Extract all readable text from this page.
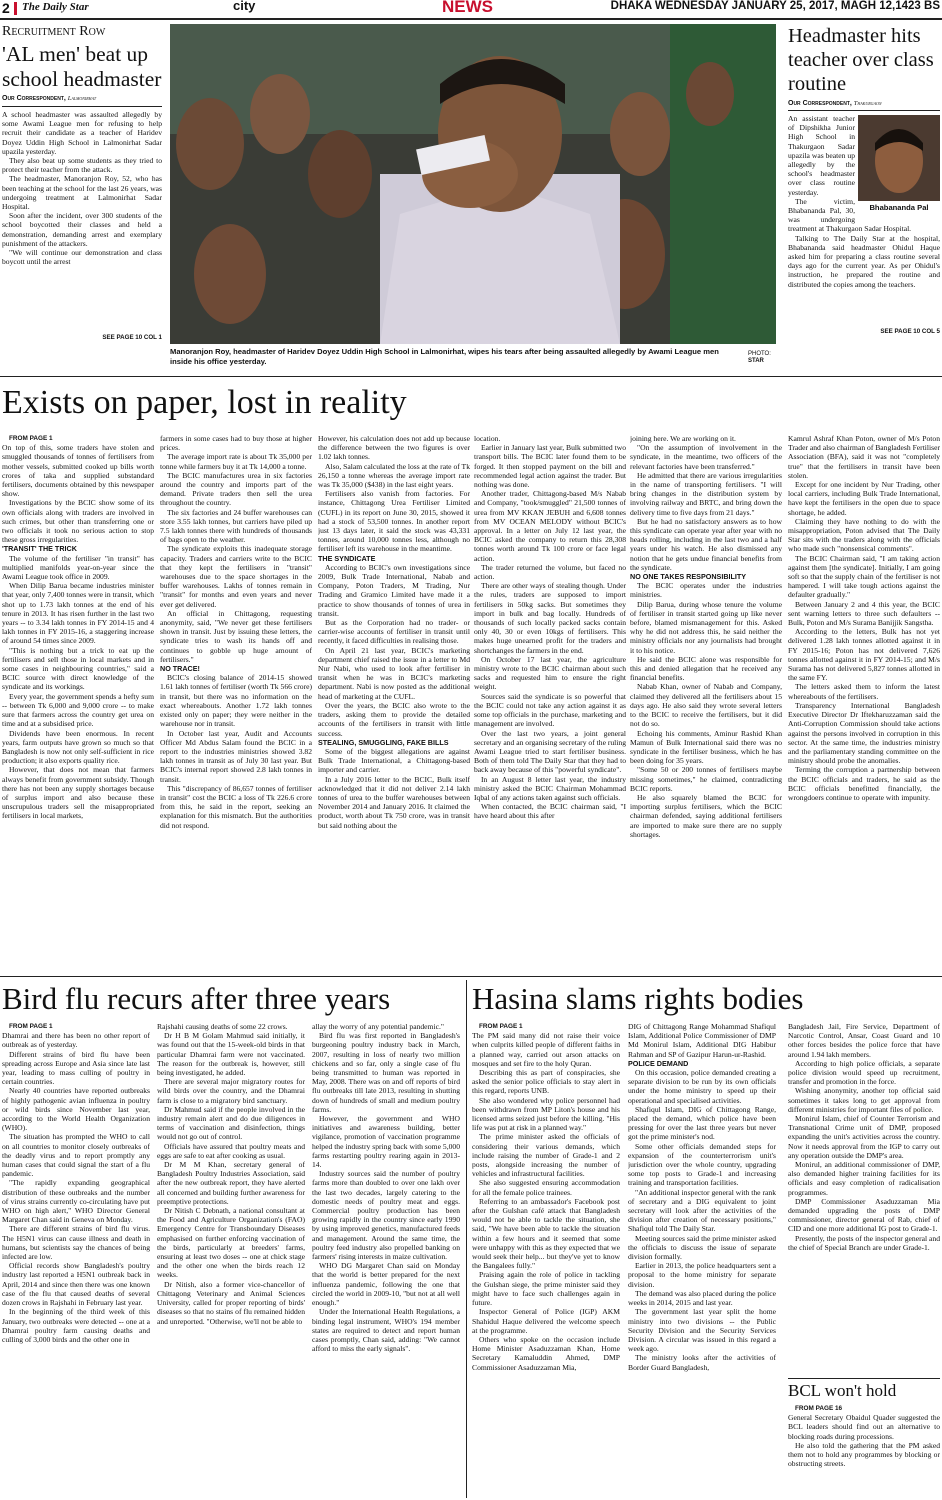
2 The Daily Star	city	NEWS	DHAKA WEDNESDAY JANUARY 25, 2017, MAGH 12,1423 BS
Recruitment Row
'AL men' beat up school headmaster
Our Correspondent, Lalmonirhat

A school headmaster was assaulted allegedly by some Awami League men for refusing to help recruit their candidate as a teacher of Haridev Doyez Uddin High School in Lalmonirhat Sadar upazila yesterday.

They also beat up some students as they tried to protect their teacher from the attack.

The headmaster, Manoranjon Roy, 52, who has been teaching at the school for the last 26 years, was undergoing treatment at Lalmonirhat Sadar Hospital.

Soon after the incident, over 300 students of the school boycotted their classes and held a demonstration, demanding arrest and exemplary punishment of the attackers.

"We will continue our demonstration and class boycott until the arrest

SEE PAGE 10 COL 1
Manoranjon Roy, headmaster of Haridev Doyez Uddin High School in Lalmonirhat, wipes his tears after being assaulted allegedly by Awami League men inside his office yesterday.
PHOTO:
STAR
Headmaster hits teacher over class routine
Our Correspondent, Thakurgaon
Bhabananda Pal

An assistant teacher of Dipshikha Junior High School in Thakurgaon Sadar upazila was beaten up allegedly by the school's headmaster over class routine yesterday.

The victim, Bhabananda Pal, 30, was undergoing treatment at Thakurgaon Sadar Hospital.

Talking to The Daily Star at the hospital, Bhabananda said headmaster Ohidul Haque asked him for preparing a class routine several days ago for the current year. As per Ohidul's instruction, he prepared the routine and distributed the copies among the teachers.

SEE PAGE 10 COL 5
Exists on paper, lost in reality

FROM PAGE 1

On top of this, some traders have stolen and smuggled thousands of tonnes of fertilisers from mother vessels, submitted cooked up bills worth crores of taka and supplied substandard fertilisers, documents obtained by this newspaper show.

Investigations by the BCIC show some of its own officials along with traders are involved in such crimes, but other than transferring one or two officials it took no serious action to stop these gross irregularities.

'TRANSIT' THE TRICK

The volume of the fertiliser "in transit" has multiplied manifolds year-on-year since the Awami League took office in 2009.

When Dilip Barua became industries minister that year, only 7,400 tonnes were in transit, which shot up to 1.73 lakh tonnes at the end of his tenure in 2013. It has risen further in the last two years -- to 3.34 lakh tonnes in FY 2014-15 and 4 lakh tonnes in FY 2015-16, a staggering increase of around 54 times since 2009.

"This is nothing but a trick to eat up the fertilisers and sell those in local markets and in some cases in neighbouring countries," said a BCIC source with direct knowledge of the syndicate and its workings.

Every year, the government spends a hefty sum -- between Tk 6,000 and 9,000 crore -- to make sure that farmers across the country get urea on time and at a subsidised price.

Dividends have been enormous. In recent years, farm outputs have grown so much so that Bangladesh is now not only self-sufficient in rice production; it also exports quality rice.

However, that does not mean that farmers always benefit from government subsidy. Though there has not been any supply shortages because of surplus import and also because these unscrupulous traders sell the misappropriated fertilisers in local markets,

farmers in some cases had to buy those at higher prices.

The average import rate is about Tk 35,000 per tonne while farmers buy it at Tk 14,000 a tonne.

The BCIC manufactures urea in six factories around the country and imports part of the demand. Private traders then sell the urea throughout the country.

The six factories and 24 buffer warehouses can store 3.55 lakh tonnes, but carriers have piled up 7.5 lakh tonnes there with hundreds of thousands of bags open to the weather.

The syndicate exploits this inadequate storage capacity. Traders and carriers write to the BCIC that they kept the fertilisers in "transit" warehouses due to the space shortages in the buffer warehouses. Lakhs of tonnes remain in "transit" for months and even years and never ever get delivered.

An official in Chittagong, requesting anonymity, said, "We never get these fertilisers shown in transit. Just by issuing these letters, the syndicate tries to wash its hands off and continues to gobble up huge amount of fertilisers."

NO TRACE!

BCIC's closing balance of 2014-15 showed 1.61 lakh tonnes of fertiliser (worth Tk 566 crore) in transit, but there was no information on the exact whereabouts. Another 1.72 lakh tonnes existed only on paper; they were neither in the warehouse nor in transit.

In October last year, Audit and Accounts Officer Md Abdus Salam found the BCIC in a report to the industries ministries showed 3.82 lakh tonnes in transit as of July 30 last year. But BCIC's internal report showed 2.8 lakh tonnes in transit.

This "discrepancy of 86,657 tonnes of fertiliser in transit" cost the BCIC a loss of Tk 226.6 crore from this, he said in the report, seeking an explanation for this mismatch. But the authorities did not respond.

However, his calculation does not add up because the difference between the two figures is over 1.02 lakh tonnes.

Also, Salam calculated the loss at the rate of Tk 26,150 a tonne whereas the average import rate was Tk 35,000 ($438) in the last eight years.

Fertilisers also vanish from factories. For instance, Chittagong Urea Fertiliser Limited (CUFL) in its report on June 30, 2015, showed it had a stock of 53,500 tonnes. In another report just 13 days later, it said the stock was 43,331 tonnes, around 10,000 tonnes less, although no fertiliser left its warehouse in the meantime.

THE SYNDICATE

According to BCIC's own investigations since 2009, Bulk Trade International, Nabab and Company, Poton Traders, M Trading, Nur Trading and Gramico Limited have made it a practice to show thousands of tonnes of urea in transit.

But as the Corporation had no trader- or carrier-wise accounts of fertiliser in transit until recently, it faced difficulties in realising those.

On April 21 last year, BCIC's marketing department chief raised the issue in a letter to Md Nur Nabi, who used to look after fertiliser in transit when he was in BCIC's marketing department. Nabi is now posted as the additional head of marketing at the CUFL.

Over the years, the BCIC also wrote to the traders, asking them to provide the detailed accounts of the fertilisers in transit with little success.

STEALING, SMUGGLING, FAKE BILLS

Some of the biggest allegations are against Bulk Trade International, a Chittagong-based importer and carrier.

In a July 2016 letter to the BCIC, Bulk itself acknowledged that it did not deliver 2.14 lakh tonnes of urea to the buffer warehouses between November 2014 and January 2016. It claimed the product, worth about Tk 750 crore, was in transit but said nothing about the

location.

Earlier in January last year, Bulk submitted two transport bills. The BCIC later found them to be forged. It then stopped payment on the bill and recommended legal action against the trader. But nothing was done.

Another trader, Chittagong-based M/s Nabab and Company, "took/smuggled" 21,500 tonnes of urea from MV KKAN JEBUH and 6,608 tonnes from MV OCEAN MELODY without BCIC's approval. In a letter on July 12 last year, the BCIC asked the company to return this 28,308 tonnes worth around Tk 100 crore or face legal action.

The trader returned the volume, but faced no action.

There are other ways of stealing though. Under the rules, traders are supposed to import fertilisers in 50kg sacks. But sometimes they import in bulk and bag locally. Hundreds of thousands of such locally packed sacks contain only 40, 30 or even 10kgs of fertilisers. This makes huge unearned profit for the traders and shortchanges the farmers in the end.

On October 17 last year, the agriculture ministry wrote to the BCIC chairman about such sacks and requested him to ensure the right weight.

Sources said the syndicate is so powerful that the BCIC could not take any action against it as some top officials in the purchase, marketing and management are involved.

Over the last two years, a joint general secretary and an organising secretary of the ruling Awami League tried to start fertiliser business. Both of them told The Daily Star that they had to back away because of this "powerful syndicate".

In an August 8 letter last year, the industry ministry asked the BCIC Chairman Mohammad Iqbal of any actions taken against such officials.

When contacted, the BCIC chairman said, "I have heard about this after

joining here. We are working on it.

"On the assumption of involvement in the syndicate, in the meantime, two officers of the relevant factories have been transferred."

He admitted that there are various irregularities in the name of transporting fertilisers. "I will bring changes in the distribution system by involving railway and BRTC, and bring down the delivery time to five days from 21 days."

But he had no satisfactory answers as to how this syndicate can operate year after year with no heads rolling, including in the last two and a half years under his watch. He also dismissed any notion that he gets undue financial benefits from the syndicate.

NO ONE TAKES RESPONSIBILITY

The BCIC operates under the industries ministries.

Dilip Barua, during whose tenure the volume of fertiliser in transit started going up like never before, blamed mismanagement for this. Asked why he did not address this, he said neither the ministry officials nor any journalists had brought it to his notice.

He said the BCIC alone was responsible for this and denied allegation that he received any financial benefits.

Nabab Khan, owner of Nabab and Company, claimed they delivered all the fertilisers about 15 days ago. He also said they wrote several letters to the BCIC to receive the fertilisers, but it did not do so.

Echoing his comments, Aminur Rashid Khan Mamun of Bulk International said there was no syndicate in the fertiliser business, which he has been doing for 35 years.

"Some 50 or 200 tonnes of fertilisers maybe missing sometimes," he claimed, contradicting BCIC reports.

He also squarely blamed the BCIC for importing surplus fertilisers, which the BCIC chairman defended, saying additional fertilisers are imported to make sure there are no supply shortages.

Kamrul Ashraf Khan Poton, owner of M/s Poton Trader and also chairman of Bangladesh Fertiliser Association (BFA), said it was not "completely true" that the fertilisers in transit have been stolen.

Except for one incident by Nur Trading, other local carriers, including Bulk Trade International, have kept the fertilisers in the open due to space shortage, he added.

Claiming they have nothing to do with the misappropriation, Poton advised that The Daily Star sits with the traders along with the officials who made such "nonsensical comments".

The BCIC Chairman said, "I am taking action against them [the syndicate]. Initially, I am going soft so that the supply chain of the fertiliser is not hampered. I will take tough actions against the defaulter gradually."

Between January 2 and 4 this year, the BCIC sent warning letters to three such defaulters -- Bulk, Poton and M/s Surama Banijjik Sangstha.

According to the letters, Bulk has not yet delivered 1.28 lakh tonnes allotted against it in FY 2015-16; Poton has not delivered 7,626 tonnes allotted against it in FY 2014-15; and M/s Surama has not delivered 5,827 tonnes allotted in the same FY.

The letters asked them to inform the latest whereabouts of the fertilisers.

Transparency International Bangladesh Executive Director Dr Iftekharuzzaman said the Anti-Corruption Commission should take actions against the persons involved in corruption in this sector. At the same time, the industries ministry and the parliamentary standing committee on the ministry should probe the anomalies.

Terming the corruption a partnership between the BCIC officials and traders, he said as the BCIC officials benefitted financially, the wrongdoers continue to operate with impunity.

Bird flu recurs after three years

FROM PAGE 1

Dhamrai and there has been no other report of outbreak as of yesterday.

Different strains of bird flu have been spreading across Europe and Asia since late last year, leading to mass culling of poultry in certain countries.

Nearly 40 countries have reported outbreaks of highly pathogenic avian influenza in poultry or wild birds since November last year, according to the World Health Organization (WHO).

The situation has prompted the WHO to call on all countries to monitor closely outbreaks of the deadly virus and to report promptly any human cases that could signal the start of a flu pandemic.

"The rapidly expanding geographical distribution of these outbreaks and the number of virus strains currently co-circulating have put WHO on high alert," WHO Director General Margaret Chan said in Geneva on Monday.

There are different strains of bird flu virus. The H5N1 virus can cause illness and death in humans, but scientists say the chances of being infected are low.

Official records show Bangladesh's poultry industry last reported a H5N1 outbreak back in April, 2014 and since then there was one known case of the flu that caused deaths of several dozen crows in Rajshahi in February last year.

In the beginning of the third week of this January, two outbreaks were detected -- one at a Dhamrai poultry farm causing deaths and culling of 3,000 birds and the other one in

Rajshahi causing deaths of some 22 crows.

Dr H B M Golam Mahmud said initially, it was found out that the 15-week-old birds in that particular Dhamrai farm were not vaccinated. The reason for the outbreak is, however, still being investigated, he added.

There are several major migratory routes for wild birds over the country, and the Dhamrai farm is close to a migratory bird sanctuary.

Dr Mahmud said if the people involved in the industry remain alert and do due diligences in terms of vaccination and disinfection, things would not go out of control.

Officials have assured that poultry meats and eggs are safe to eat after cooking as usual.

Dr M M Khan, secretary general of Bangladesh Poultry Industries Association, said after the new outbreak report, they have alerted all concerned and building further awareness for preemptive protections.

Dr Nitish C Debnath, a national consultant at the Food and Agriculture Organization's (FAO) Emergency Centre for Transboundary Diseases emphasised on further enforcing vaccination of the birds, particularly at breeders' farms, ensuring at least two doses -- one at chick stage and the other one when the birds reach 12 weeks.

Dr Nitish, also a former vice-chancellor of Chittagong Veterinary and Animal Sciences University, called for proper reporting of birds' diseases so that no stains of flu remained hidden and unreported. "Otherwise, we'll not be able to

allay the worry of any potential pandemic."

Bird flu was first reported in Bangladesh's burgeoning poultry industry back in March, 2007, resulting in loss of nearly two million chickens and so far, only a single case of flu being transmitted to human was reported in May, 2008. There was on and off reports of bird flu outbreaks till late 2013, resulting in shutting down of hundreds of small and medium poultry farms.

However, the government and WHO initiatives and awareness building, better vigilance, promotion of vaccination programme helped the industry spring back with some 5,000 farms restarting poultry rearing again in 2013-14.

Industry sources said the number of poultry farms more than doubled to over one lakh over the last two decades, largely catering to the domestic needs of poultry meat and eggs. Commercial poultry production has been growing rapidly in the country since early 1990 by using improved genetics, manufactured feeds and management. Around the same time, the poultry feed industry also propelled banking on farmers' rising interests in maize cultivation.

WHO DG Margaret Chan said on Monday that the world is better prepared for the next influenza pandemic, following the one that circled the world in 2009-10, "but not at all well enough."

Under the International Health Regulations, a binding legal instrument, WHO's 194 member states are required to detect and report human cases promptly, Chan said, adding: "We cannot afford to miss the early signals".

Hasina slams rights bodies

FROM PAGE 1

The PM said many did not raise their voice when culprits killed people of different faiths in a planned way, carried out arson attacks on mosques and set fire to the holy Quran.

Describing this as part of conspiracies, she asked the senior police officials to stay alert in this regard, reports UNB.

She also wondered why police personnel had been withdrawn from MP Liton's house and his licensed arms seized just before the killing. "His life was put at risk in a planned way."

The prime minister asked the officials of considering their various demands, which include raising the number of Grade-1 and 2 posts, alongside increasing the number of vehicles and infrastructural facilities.

She also suggested ensuring accommodation for all the female police trainees.

Referring to an ambassador's Facebook post after the Gulshan café attack that Bangladesh would not be able to tackle the situation, she said, "We have been able to tackle the situation within a few hours and it seemed that some were unhappy with this as they expected that we would seek their help... but they've yet to know the Bangalees fully."

Praising again the role of police in tackling the Gulshan siege, the prime minister said they might have to face such challenges again in future.

Inspector General of Police (IGP) AKM Shahidul Haque delivered the welcome speech at the programme.

Others who spoke on the occasion include Home Minister Asaduzzaman Khan, Home Secretary Kamaluddin Ahmed, DMP Commissioner Asaduzzaman Mia,

DIG of Chittagong Range Mohammad Shafiqul Islam, Additional Police Commissioner of DMP Md Monirul Islam, Additional DIG Habibur Rahman and SP of Gazipur Harun-ur-Rashid.

POLICE DEMAND

On this occasion, police demanded creating a separate division to be run by its own officials under the home ministry to speed up their operational and specialised activities.

Shafiqul Islam, DIG of Chittagong Range, placed the demand, which police have been pressing for over the last three years but never got the prime minister's nod.

Some other officials demanded steps for expansion of the counterterrorism unit's jurisdiction over the whole country, upgrading some top posts to Grade-1 and increasing training and transportation facilities.

"An additional inspector general with the rank of secretary and a DIG equivalent to joint secretary will look after the activities of the division after creation of necessary positions," Shafiqul told The Daily Star.

Meeting sources said the prime minister asked the officials to discuss the issue of separate division formally.

Earlier in 2013, the police headquarters sent a proposal to the home ministry for separate division.

The demand was also placed during the police weeks in 2014, 2015 and last year.

The government last year split the home ministry into two divisions -- the Public Security Division and the Security Services Division. A circular was issued in this regard a week ago.

The ministry looks after the activities of Border Guard Bangladesh,

Bangladesh Jail, Fire Service, Department of Narcotic Control, Ansar, Coast Guard and 10 other forces besides the police force that have around 1.94 lakh members.

According to high police officials, a separate police division would speed up recruitment, transfer and promotion in the force.

Wishing anonymity, another top official said sometimes it takes long to get approval from different ministries for important files of police.

Monirul Islam, chief of Counter Terrorism and Transnational Crime unit of DMP, proposed expanding the unit's activities across the country. Now it needs approval from the IGP to carry out any operation outside the DMP's area.

Monirul, an additional commissioner of DMP, also demanded higher training facilities for its officials and easy completion of radicalisation programmes.

DMP Commissioner Asaduzzaman Mia demanded upgrading the posts of DMP commissioner, director general of Rab, chief of CID and one more additional IG post to Grade-1.

Presently, the posts of the inspector general and the chief of Special Branch are under Grade-1.

BCL won't hold

FROM PAGE 16

General Secretary Obaidul Quader suggested the BCL leaders should find out an alternative to blocking roads during processions.

He also told the gathering that the PM asked them not to hold any programmes by blocking or obstructing streets.
